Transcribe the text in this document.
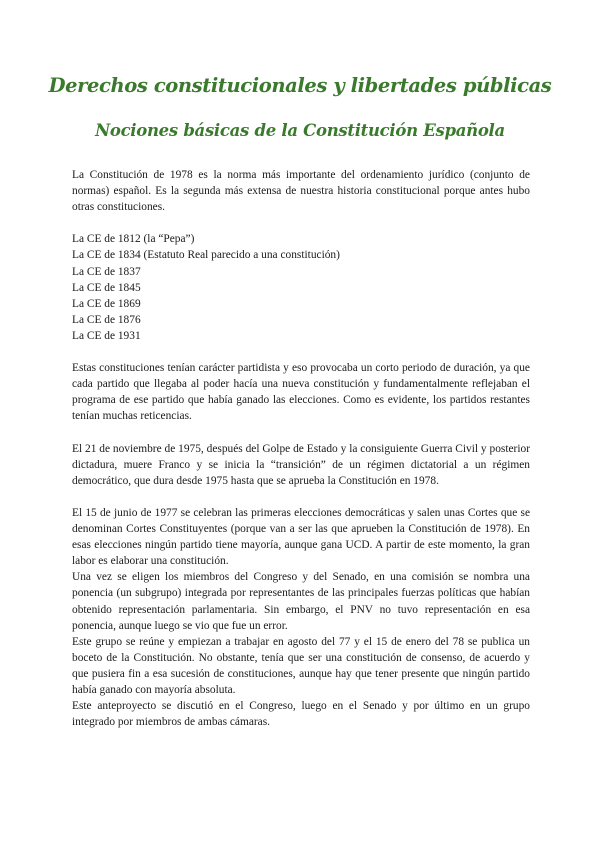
Derechos constitucionales y libertades públicas
Nociones básicas de la Constitución Española

La Constitución de 1978 es la norma más importante del ordenamiento jurídico (conjunto de normas) español. Es la segunda más extensa de nuestra historia constitucional porque antes hubo otras constituciones.

La CE de 1812 (la “Pepa”)
La CE de 1834 (Estatuto Real parecido a una constitución)
La CE de 1837
La CE de 1845
La CE de 1869
La CE de 1876
La CE de 1931

Estas constituciones tenían carácter partidista y eso provocaba un corto periodo de duración, ya que cada partido que llegaba al poder hacía una nueva constitución y fundamentalmente reflejaban el programa de ese partido que había ganado las elecciones. Como es evidente, los partidos restantes tenían muchas reticencias.

El 21 de noviembre de 1975, después del Golpe de Estado y la consiguiente Guerra Civil y posterior dictadura, muere Franco y se inicia la “transición” de un régimen dictatorial a un régimen democrático, que dura desde 1975 hasta que se aprueba la Constitución en 1978.

El 15 de junio de 1977 se celebran las primeras elecciones democráticas y salen unas Cortes que se denominan Cortes Constituyentes (porque van a ser las que aprueben la Constitución de 1978). En esas elecciones ningún partido tiene mayoría, aunque gana UCD. A partir de este momento, la gran labor es elaborar una constitución.

Una vez se eligen los miembros del Congreso y del Senado, en una comisión se nombra una ponencia (un subgrupo) integrada por representantes de las principales fuerzas políticas que habían obtenido representación parlamentaria. Sin embargo, el PNV no tuvo representación en esa ponencia, aunque luego se vio que fue un error.

Este grupo se reúne y empiezan a trabajar en agosto del 77 y el 15 de enero del 78 se publica un boceto de la Constitución. No obstante, tenía que ser una constitución de consenso, de acuerdo y que pusiera fin a esa sucesión de constituciones, aunque hay que tener presente que ningún partido había ganado con mayoría absoluta.

Este anteproyecto se discutió en el Congreso, luego en el Senado y por último en un grupo integrado por miembros de ambas cámaras.
